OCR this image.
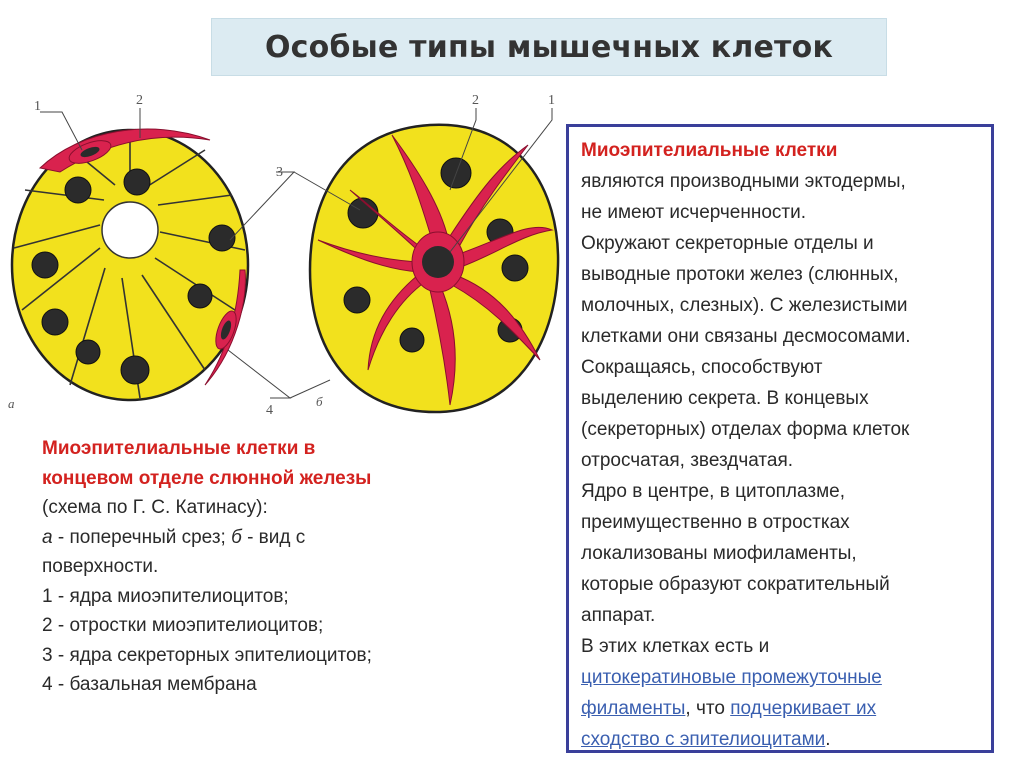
Особые типы мышечных клеток
1	2
3
4
2	1
а	б
Миоэпителиальные клетки в
концевом отделе слюнной железы
(схема по Г. С. Катинасу):
а - поперечный срез; б - вид с
поверхности.
1 - ядра миоэпителиоцитов;
2 - отростки миоэпителиоцитов;
3 - ядра секреторных эпителиоцитов;
4 - базальная мембрана
Миоэпителиальные клетки
являются производными эктодермы,
не имеют исчерченности.
Окружают секреторные отделы и
выводные протоки желез (слюнных,
молочных, слезных). С железистыми
клетками они связаны десмосомами.
Сокращаясь, способствуют
выделению секрета. В концевых
(секреторных) отделах форма клеток
отросчатая, звездчатая.
Ядро в центре, в цитоплазме,
преимущественно в отростках
локализованы миофиламенты,
которые образуют сократительный
аппарат.
В этих клетках есть и
цитокератиновые промежуточные
филаменты, что подчеркивает их
сходство с эпителиоцитами.
